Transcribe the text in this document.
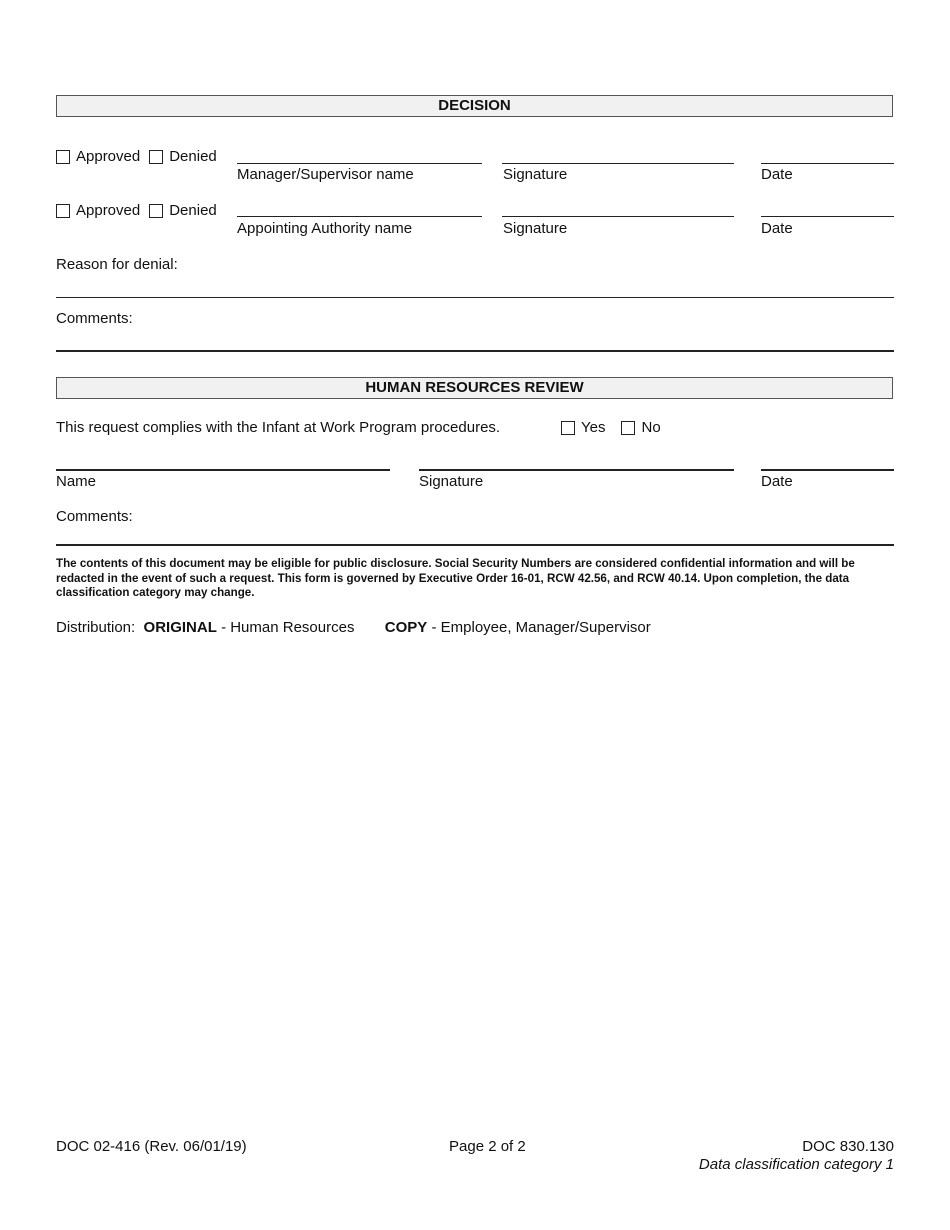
DECISION
Approved Denied
Manager/Supervisor name	Signature	Date
Approved Denied
Appointing Authority name	Signature	Date
Reason for denial:
Comments:
HUMAN RESOURCES REVIEW
This request complies with the Infant at Work Program procedures.	Yes No
Name	Signature	Date
Comments:
The contents of this document may be eligible for public disclosure. Social Security Numbers are considered confidential information and will be redacted in the event of such a request. This form is governed by Executive Order 16-01, RCW 42.56, and RCW 40.14. Upon completion, the data classification category may change.
Distribution: ORIGINAL - Human Resources COPY - Employee, Manager/Supervisor
DOC 02-416 (Rev. 06/01/19)	Page 2 of 2	DOC 830.130
Data classification category 1
